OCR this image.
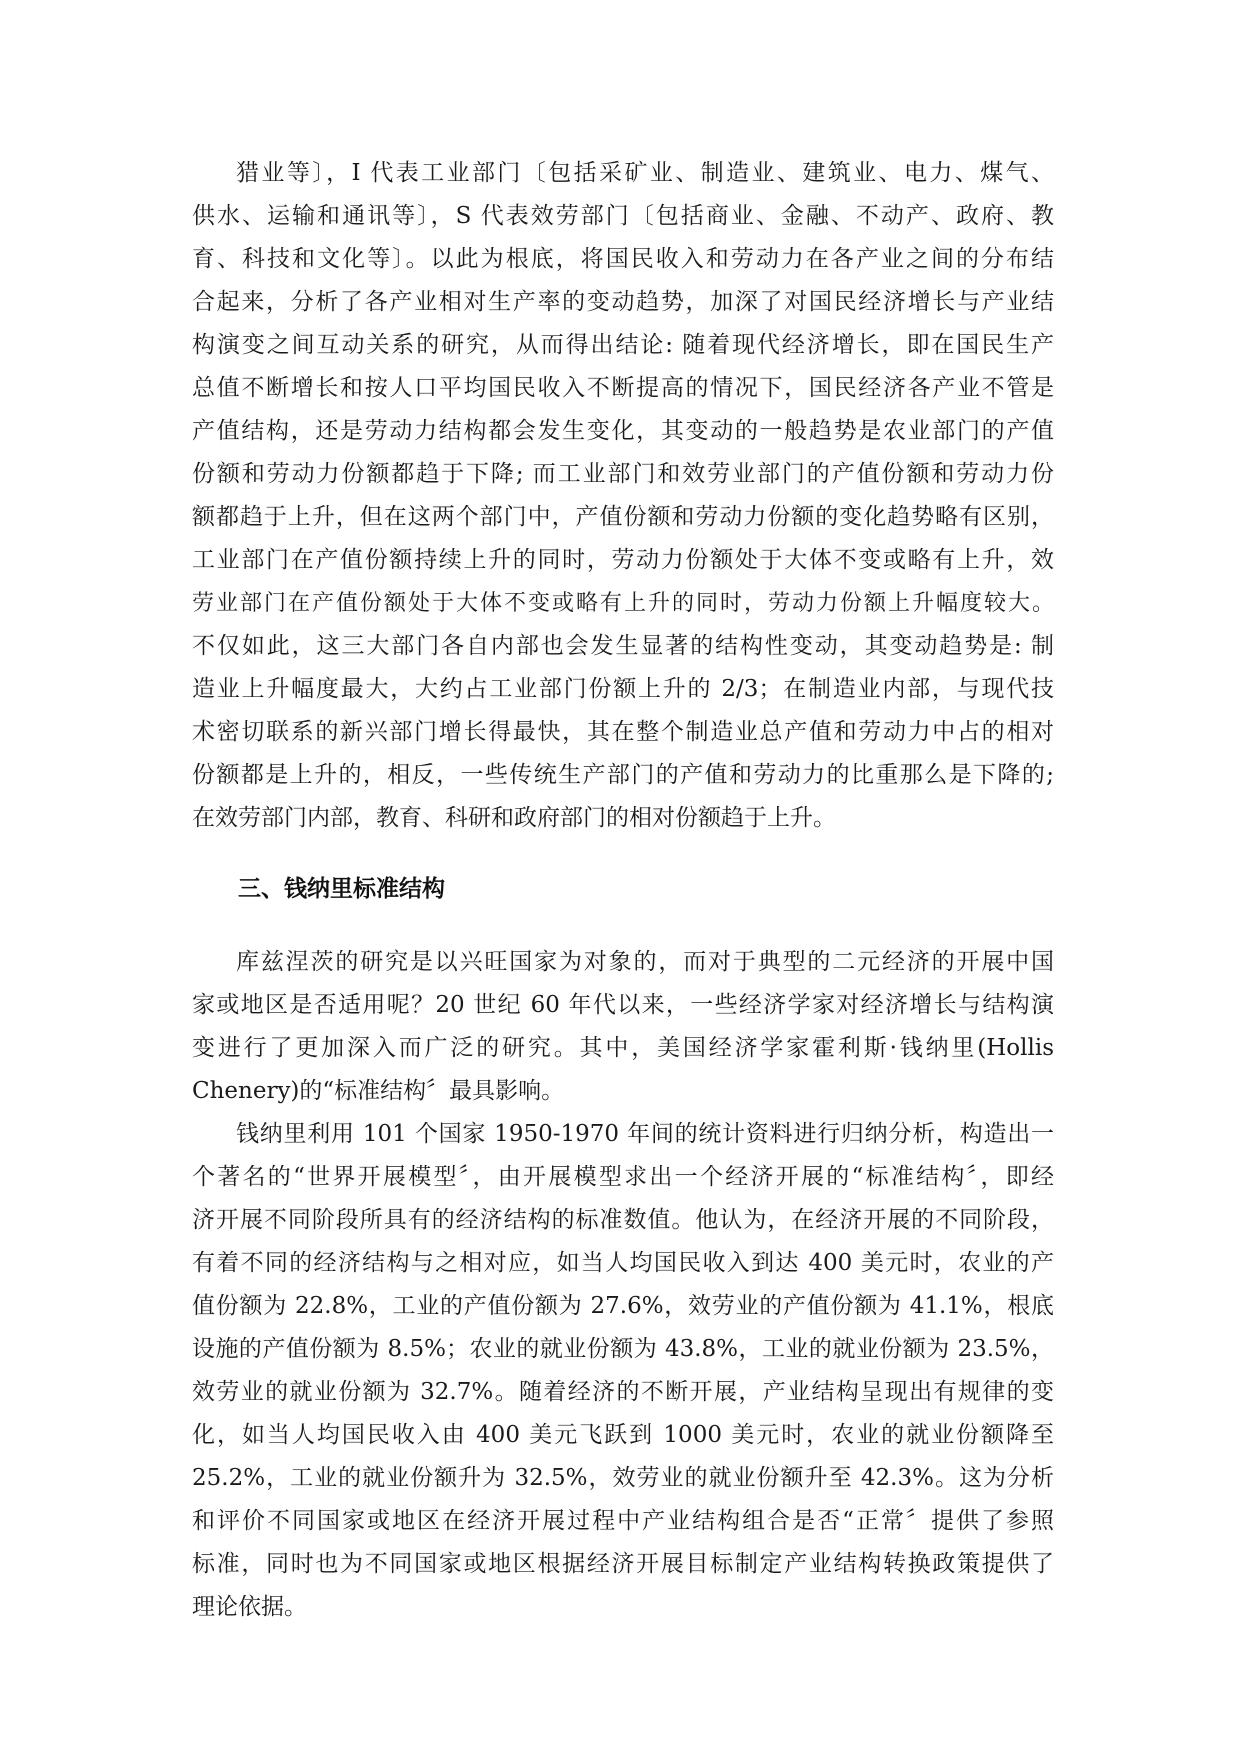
猎业等〕，I 代表工业部门〔包括采矿业、制造业、建筑业、电力、煤气、
供水、运输和通讯等〕，S 代表效劳部门〔包括商业、金融、不动产、政府、教
育、科技和文化等〕。以此为根底，将国民收入和劳动力在各产业之间的分布结
合起来，分析了各产业相对生产率的变动趋势，加深了对国民经济增长与产业结
构演变之间互动关系的研究，从而得出结论: 随着现代经济增长，即在国民生产
总值不断增长和按人口平均国民收入不断提高的情况下，国民经济各产业不管是
产值结构，还是劳动力结构都会发生变化，其变动的一般趋势是农业部门的产值
份额和劳动力份额都趋于下降; 而工业部门和效劳业部门的产值份额和劳动力份
额都趋于上升，但在这两个部门中，产值份额和劳动力份额的变化趋势略有区别，
工业部门在产值份额持续上升的同时，劳动力份额处于大体不变或略有上升，效
劳业部门在产值份额处于大体不变或略有上升的同时，劳动力份额上升幅度较大。
不仅如此，这三大部门各自内部也会发生显著的结构性变动，其变动趋势是: 制
造业上升幅度最大，大约占工业部门份额上升的 2/3；在制造业内部，与现代技
术密切联系的新兴部门增长得最快，其在整个制造业总产值和劳动力中占的相对
份额都是上升的，相反，一些传统生产部门的产值和劳动力的比重那么是下降的;
在效劳部门内部，教育、科研和政府部门的相对份额趋于上升。
三、钱纳里标准结构
库兹涅茨的研究是以兴旺国家为对象的，而对于典型的二元经济的开展中国
家或地区是否适用呢？20 世纪 60 年代以来，一些经济学家对经济增长与结构演
变进行了更加深入而广泛的研究。其中，美国经济学家霍利斯·钱纳里(Hollis
Chenery)的“标准结构〞最具影响。
钱纳里利用 101 个国家 1950-1970 年间的统计资料进行归纳分析，构造出一
个著名的“世界开展模型〞，由开展模型求出一个经济开展的“标准结构〞，即经
济开展不同阶段所具有的经济结构的标准数值。他认为，在经济开展的不同阶段，
有着不同的经济结构与之相对应，如当人均国民收入到达 400 美元时，农业的产
值份额为 22.8%，工业的产值份额为 27.6%，效劳业的产值份额为 41.1%，根底
设施的产值份额为 8.5%；农业的就业份额为 43.8%，工业的就业份额为 23.5%，
效劳业的就业份额为 32.7%。随着经济的不断开展，产业结构呈现出有规律的变
化，如当人均国民收入由 400 美元飞跃到 1000 美元时，农业的就业份额降至
25.2%，工业的就业份额升为 32.5%，效劳业的就业份额升至 42.3%。这为分析
和评价不同国家或地区在经济开展过程中产业结构组合是否“正常〞提供了参照
标准，同时也为不同国家或地区根据经济开展目标制定产业结构转换政策提供了
理论依据。
